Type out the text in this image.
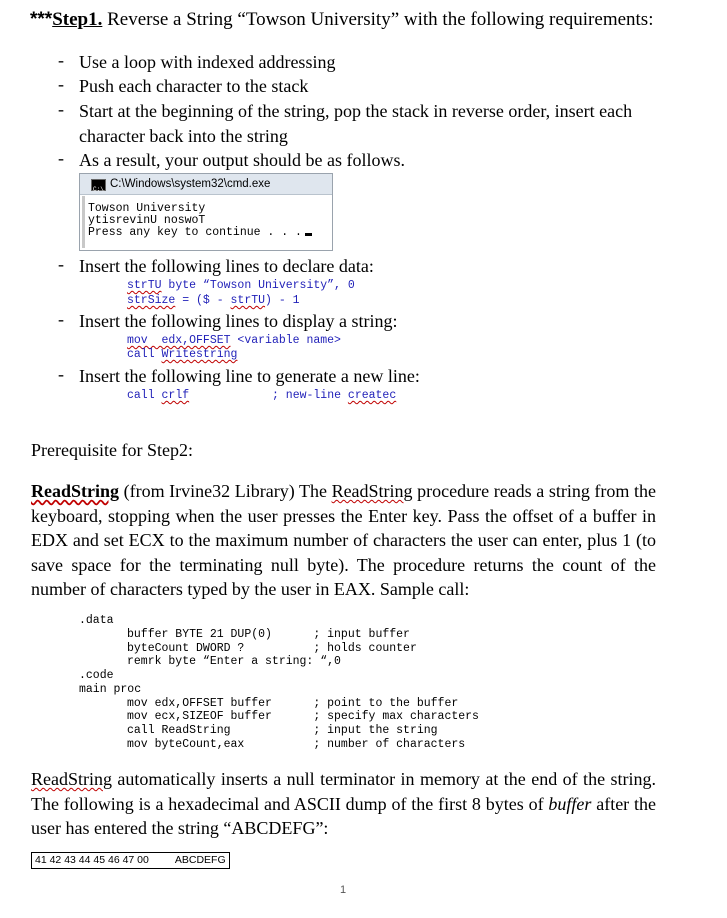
***Step1. Reverse a String “Towson University” with the following requirements:
- Use a loop with indexed addressing
- Push each character to the stack
- Start at the beginning of the string, pop the stack in reverse order, insert each character back into the string
- As a result, your output should be as follows.
C:\
C:\Windows\system32\cmd.exe
Towson University
ytisrevinU noswoT
Press any key to continue . . .
- Insert the following lines to declare data:
strTU byte “Towson University”, 0
strSize = ($ - strTU) - 1
- Insert the following lines to display a string:
mov  edx,OFFSET <variable name>
call Writestring
- Insert the following line to generate a new line:
call crlf	; new-line createc
Prerequisite for Step2:
ReadString (from Irvine32 Library) The ReadString procedure reads a string from the keyboard, stopping when the user presses the Enter key. Pass the offset of a buffer in EDX and set ECX to the maximum number of characters the user can enter, plus 1 (to save space for the terminating null byte). The procedure returns the count of the number of characters typed by the user in EAX. Sample call:
.data
buffer BYTE 21 DUP(0)      ; input buffer
byteCount DWORD ?          ; holds counter
remrk byte “Enter a string: “,0
.code
main proc
mov edx,OFFSET buffer      ; point to the buffer
mov ecx,SIZEOF buffer      ; specify max characters
call ReadString            ; input the string
mov byteCount,eax          ; number of characters
ReadString automatically inserts a null terminator in memory at the end of the string. The following is a hexadecimal and ASCII dump of the first 8 bytes of buffer after the user has entered the string “ABCDEFG”:
41 42 43 44 45 46 47 00 ABCDEFG
1
